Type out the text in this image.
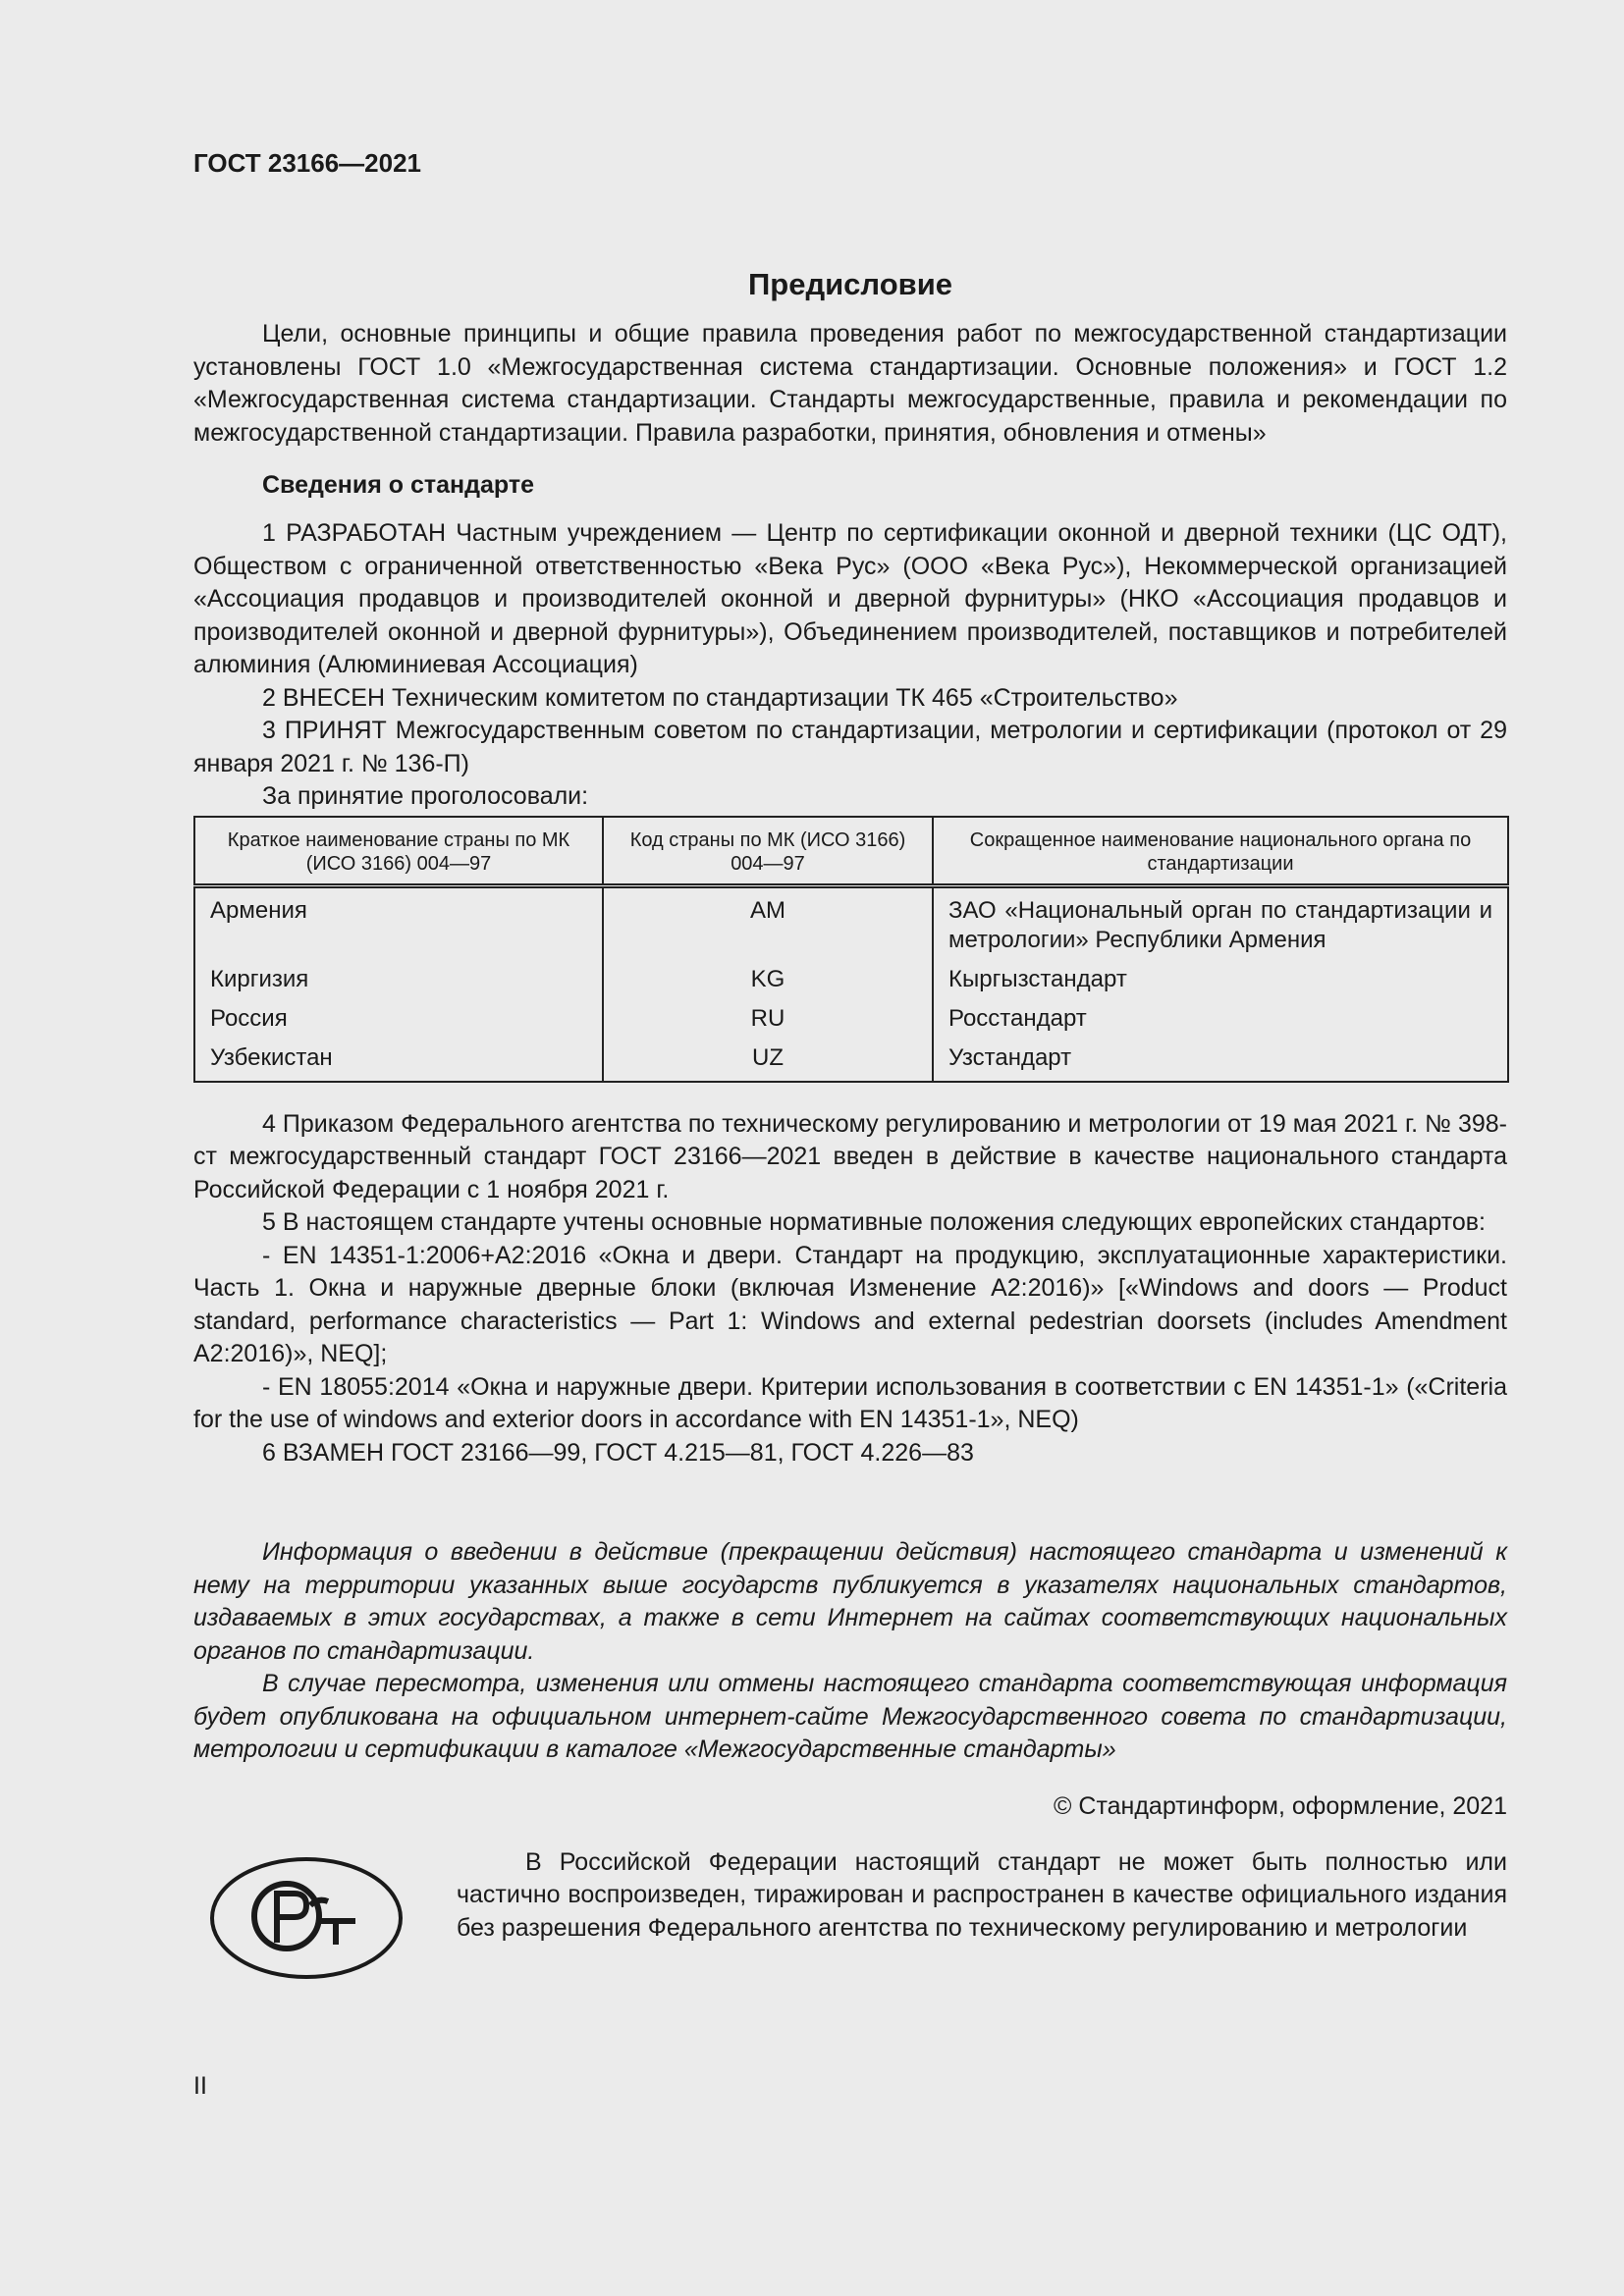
ГОСТ 23166—2021
Предисловие

Цели, основные принципы и общие правила проведения работ по межгосударственной стандартизации установлены ГОСТ 1.0 «Межгосударственная система стандартизации. Основные положения» и ГОСТ 1.2 «Межгосударственная система стандартизации. Стандарты межгосударственные, правила и рекомендации по межгосударственной стандартизации. Правила разработки, принятия, обновления и отмены»

Сведения о стандарте

1 РАЗРАБОТАН Частным учреждением — Центр по сертификации оконной и дверной техники (ЦС ОДТ), Обществом с ограниченной ответственностью «Века Рус» (ООО «Века Рус»), Некоммерческой организацией «Ассоциация продавцов и производителей оконной и дверной фурнитуры» (НКО «Ассоциация продавцов и производителей оконной и дверной фурнитуры»), Объединением производителей, поставщиков и потребителей алюминия (Алюминиевая Ассоциация)

2 ВНЕСЕН Техническим комитетом по стандартизации ТК 465 «Строительство»

3 ПРИНЯТ Межгосударственным советом по стандартизации, метрологии и сертификации (протокол от 29 января 2021 г. № 136-П)

За принятие проголосовали:

Краткое наименование страны по МК (ИСО 3166) 004—97	Код страны по МК (ИСО 3166) 004—97	Сокращенное наименование национального органа по стандартизации
Армения	AM	ЗАО «Национальный орган по стандартизации и метрологии» Республики Армения
Киргизия	KG	Кыргызстандарт
Россия	RU	Росстандарт
Узбекистан	UZ	Узстандарт

4 Приказом Федерального агентства по техническому регулированию и метрологии от 19 мая 2021 г. № 398-ст межгосударственный стандарт ГОСТ 23166—2021 введен в действие в качестве национального стандарта Российской Федерации с 1 ноября 2021 г.

5 В настоящем стандарте учтены основные нормативные положения следующих европейских стандартов:

- EN 14351-1:2006+A2:2016 «Окна и двери. Стандарт на продукцию, эксплуатационные характеристики. Часть 1. Окна и наружные дверные блоки (включая Изменение A2:2016)» [«Windows and doors — Product standard, performance characteristics — Part 1: Windows and external pedestrian doorsets (includes Amendment A2:2016)», NEQ];

- EN 18055:2014 «Окна и наружные двери. Критерии использования в соответствии с EN 14351-1» («Criteria for the use of windows and exterior doors in accordance with EN 14351-1», NEQ)

6 ВЗАМЕН ГОСТ 23166—99, ГОСТ 4.215—81, ГОСТ 4.226—83

Информация о введении в действие (прекращении действия) настоящего стандарта и изменений к нему на территории указанных выше государств публикуется в указателях национальных стандартов, издаваемых в этих государствах, а также в сети Интернет на сайтах соответствующих национальных органов по стандартизации.

В случае пересмотра, изменения или отмены настоящего стандарта соответствующая информация будет опубликована на официальном интернет-сайте Межгосударственного совета по стандартизации, метрологии и сертификации в каталоге «Межгосударственные стандарты»

© Стандартинформ, оформление, 2021

В Российской Федерации настоящий стандарт не может быть полностью или частично воспроизведен, тиражирован и распространен в качестве официального издания без разрешения Федерального агентства по техническому регулированию и метрологии

II
